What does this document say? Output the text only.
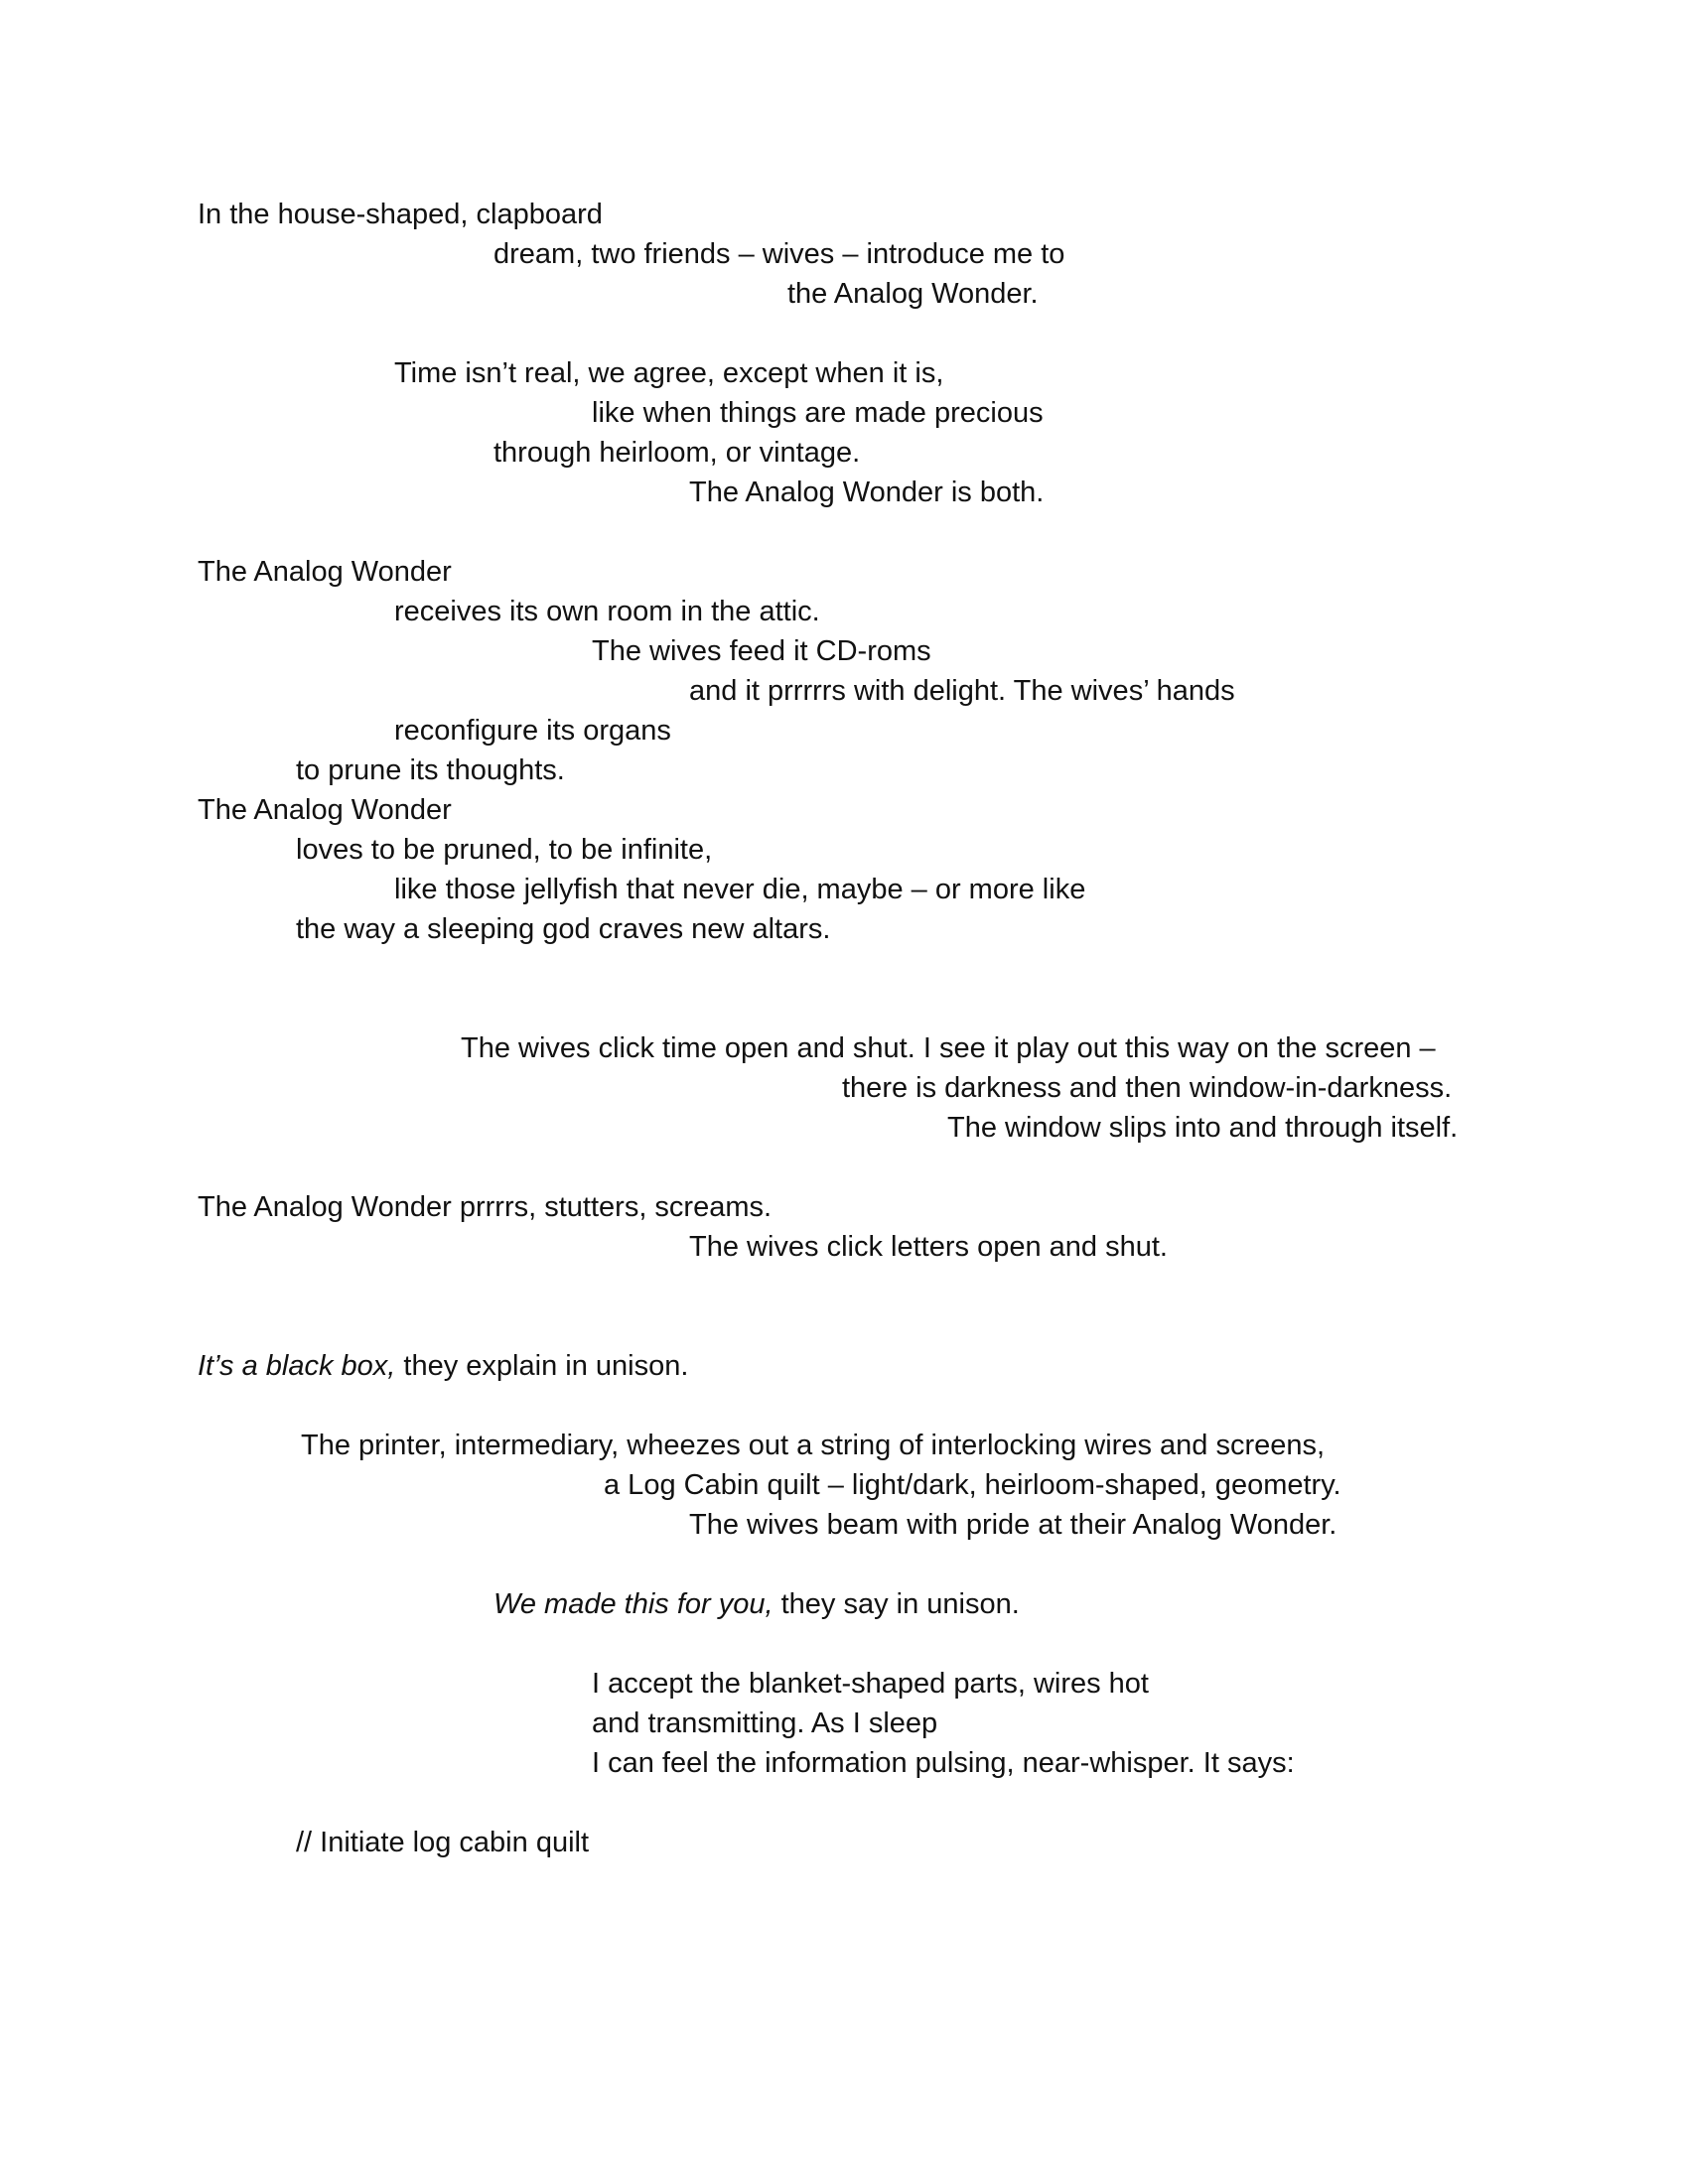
In the house-shaped, clapboard
dream, two friends – wives – introduce me to
the Analog Wonder.
Time isn’t real, we agree, except when it is,
like when things are made precious
through heirloom, or vintage.
The Analog Wonder is both.
The Analog Wonder
receives its own room in the attic.
The wives feed it CD-roms
and it prrrrrs with delight. The wives’ hands
reconfigure its organs
to prune its thoughts.
The Analog Wonder
loves to be pruned, to be infinite,
like those jellyfish that never die, maybe – or more like
the way a sleeping god craves new altars.
The wives click time open and shut. I see it play out this way on the screen –
there is darkness and then window-in-darkness.
The window slips into and through itself.
The Analog Wonder prrrrs, stutters, screams.
The wives click letters open and shut.
It’s a black box, they explain in unison.
The printer, intermediary, wheezes out a string of interlocking wires and screens,
a Log Cabin quilt – light/dark, heirloom-shaped, geometry.
The wives beam with pride at their Analog Wonder.
We made this for you, they say in unison.
I accept the blanket-shaped parts, wires hot
and transmitting. As I sleep
I can feel the information pulsing, near-whisper. It says:
// Initiate log cabin quilt
